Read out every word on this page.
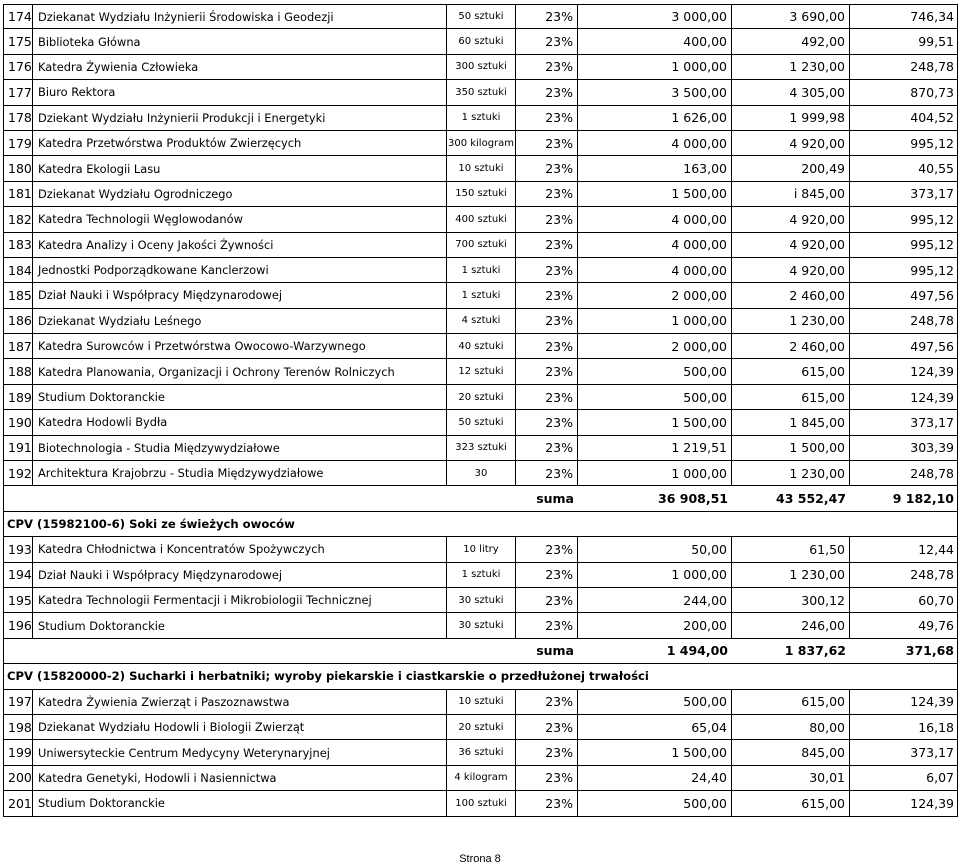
174 Dziekanat Wydziału Inżynierii Środowiska i Geodezji	50 sztuki	23%	3 000,00	3 690,00	746,34
175 Biblioteka Główna	60 sztuki	23%	400,00	492,00	99,51
176 Katedra Żywienia Człowieka	300 sztuki	23%	1 000,00	1 230,00	248,78
177 Biuro Rektora	350 sztuki	23%	3 500,00	4 305,00	870,73
178 Dziekant Wydziału Inżynierii Produkcji i Energetyki	1 sztuki	23%	1 626,00	1 999,98	404,52
179 Katedra Przetwórstwa Produktów Zwierzęcych	300 kilogram	23%	4 000,00	4 920,00	995,12
180 Katedra Ekologii Lasu	10 sztuki	23%	163,00	200,49	40,55
181 Dziekanat Wydziału Ogrodniczego	150 sztuki	23%	1 500,00	i 845,00	373,17
182 Katedra Technologii Węglowodanów	400 sztuki	23%	4 000,00	4 920,00	995,12
183 Katedra Analizy i Oceny Jakości Żywności	700 sztuki	23%	4 000,00	4 920,00	995,12
184 Jednostki Podporządkowane Kanclerzowi	1 sztuki	23%	4 000,00	4 920,00	995,12
185 Dział Nauki i Współpracy Międzynarodowej	1 sztuki	23%	2 000,00	2 460,00	497,56
186 Dziekanat Wydziału Leśnego	4 sztuki	23%	1 000,00	1 230,00	248,78
187 Katedra Surowców i Przetwórstwa Owocowo-Warzywnego	40 sztuki	23%	2 000,00	2 460,00	497,56
188 Katedra Planowania, Organizacji i Ochrony Terenów Rolniczych	12 sztuki	23%	500,00	615,00	124,39
189 Studium Doktoranckie	20 sztuki	23%	500,00	615,00	124,39
190 Katedra Hodowli Bydła	50 sztuki	23%	1 500,00	1 845,00	373,17
191 Biotechnologia - Studia Międzywydziałowe	323 sztuki	23%	1 219,51	1 500,00	303,39
192 Architektura Krajobrzu - Studia Międzywydziałowe	30	23%	1 000,00	1 230,00	248,78
suma	36 908,51	43 552,47	9 182,10
CPV (15982100-6) Soki ze świeżych owoców
193 Katedra Chłodnictwa i Koncentratów Spożywczych	10 litry	23%	50,00	61,50	12,44
194 Dział Nauki i Współpracy Międzynarodowej	1 sztuki	23%	1 000,00	1 230,00	248,78
195 Katedra Technologii Fermentacji i Mikrobiologii Technicznej	30 sztuki	23%	244,00	300,12	60,70
196 Studium Doktoranckie	30 sztuki	23%	200,00	246,00	49,76
suma	1 494,00	1 837,62	371,68
CPV (15820000-2) Sucharki i herbatniki; wyroby piekarskie i ciastkarskie o przedłużonej trwałości
197 Katedra Żywienia Zwierząt i Paszoznawstwa	10 sztuki	23%	500,00	615,00	124,39
198 Dziekanat Wydziału Hodowli i Biologii Zwierząt	20 sztuki	23%	65,04	80,00	16,18
199 Uniwersyteckie Centrum Medycyny Weterynaryjnej	36 sztuki	23%	1 500,00	845,00	373,17
200 Katedra Genetyki, Hodowli i Nasiennictwa	4 kilogram	23%	24,40	30,01	6,07
201 Studium Doktoranckie	100 sztuki	23%	500,00	615,00	124,39
Strona 8
